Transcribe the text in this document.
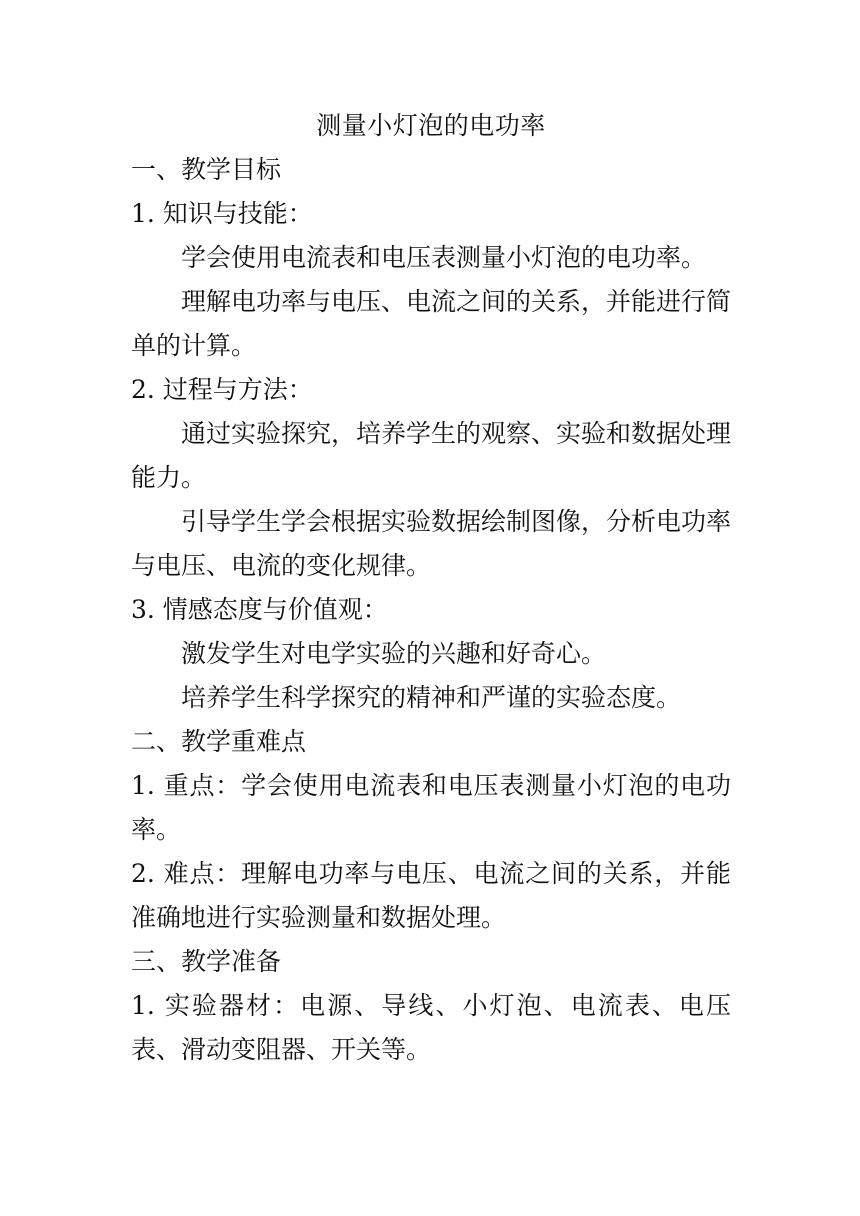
测量小灯泡的电功率

一、教学目标

1. 知识与技能：

学会使用电流表和电压表测量小灯泡的电功率。

理解电功率与电压、电流之间的关系，并能进行简单的计算。

2. 过程与方法：

通过实验探究，培养学生的观察、实验和数据处理能力。

引导学生学会根据实验数据绘制图像，分析电功率与电压、电流的变化规律。

3. 情感态度与价值观：

激发学生对电学实验的兴趣和好奇心。

培养学生科学探究的精神和严谨的实验态度。

二、教学重难点

1. 重点：学会使用电流表和电压表测量小灯泡的电功率。

2. 难点：理解电功率与电压、电流之间的关系，并能准确地进行实验测量和数据处理。

三、教学准备

1. 实验器材：电源、导线、小灯泡、电流表、电压表、滑动变阻器、开关等。
